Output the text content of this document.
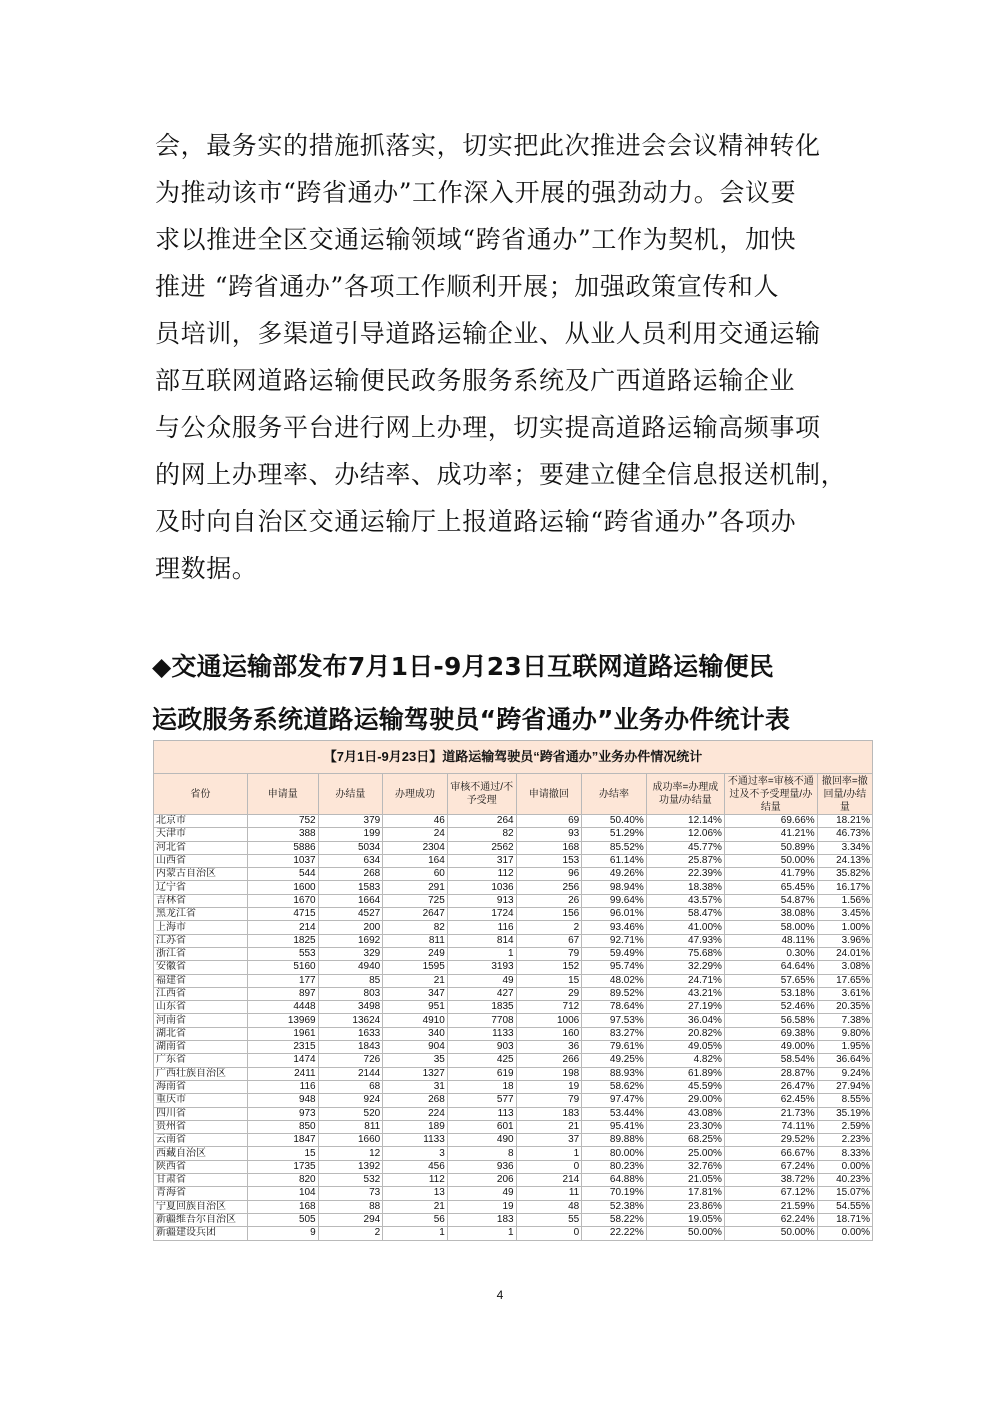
会，最务实的措施抓落实，切实把此次推进会会议精神转化
为推动该市“跨省通办”工作深入开展的强劲动力。会议要
求以推进全区交通运输领域“跨省通办”工作为契机，加快
推进 “跨省通办”各项工作顺利开展；加强政策宣传和人
员培训，多渠道引导道路运输企业、从业人员利用交通运输
部互联网道路运输便民政务服务系统及广西道路运输企业
与公众服务平台进行网上办理，切实提高道路运输高频事项
的网上办理率、办结率、成功率；要建立健全信息报送机制，
及时向自治区交通运输厅上报道路运输“跨省通办”各项办
理数据。
◆交通运输部发布7月1日-9月23日互联网道路运输便民
运政服务系统道路运输驾驶员“跨省通办”业务办件统计表
【7月1日-9月23日】道路运输驾驶员“跨省通办”业务办件情况统计
省份	申请量	办结量	办理成功	审核不通过/不予受理	申请撤回	办结率	成功率=办理成功量/办结量	不通过率=审核不通过及不予受理量/办结量	撤回率=撤回量/办结量
北京市	752	379	46	264	69	50.40%	12.14%	69.66%	18.21%
天津市	388	199	24	82	93	51.29%	12.06%	41.21%	46.73%
河北省	5886	5034	2304	2562	168	85.52%	45.77%	50.89%	3.34%
山西省	1037	634	164	317	153	61.14%	25.87%	50.00%	24.13%
内蒙古自治区	544	268	60	112	96	49.26%	22.39%	41.79%	35.82%
辽宁省	1600	1583	291	1036	256	98.94%	18.38%	65.45%	16.17%
吉林省	1670	1664	725	913	26	99.64%	43.57%	54.87%	1.56%
黑龙江省	4715	4527	2647	1724	156	96.01%	58.47%	38.08%	3.45%
上海市	214	200	82	116	2	93.46%	41.00%	58.00%	1.00%
江苏省	1825	1692	811	814	67	92.71%	47.93%	48.11%	3.96%
浙江省	553	329	249	1	79	59.49%	75.68%	0.30%	24.01%
安徽省	5160	4940	1595	3193	152	95.74%	32.29%	64.64%	3.08%
福建省	177	85	21	49	15	48.02%	24.71%	57.65%	17.65%
江西省	897	803	347	427	29	89.52%	43.21%	53.18%	3.61%
山东省	4448	3498	951	1835	712	78.64%	27.19%	52.46%	20.35%
河南省	13969	13624	4910	7708	1006	97.53%	36.04%	56.58%	7.38%
湖北省	1961	1633	340	1133	160	83.27%	20.82%	69.38%	9.80%
湖南省	2315	1843	904	903	36	79.61%	49.05%	49.00%	1.95%
广东省	1474	726	35	425	266	49.25%	4.82%	58.54%	36.64%
广西壮族自治区	2411	2144	1327	619	198	88.93%	61.89%	28.87%	9.24%
海南省	116	68	31	18	19	58.62%	45.59%	26.47%	27.94%
重庆市	948	924	268	577	79	97.47%	29.00%	62.45%	8.55%
四川省	973	520	224	113	183	53.44%	43.08%	21.73%	35.19%
贵州省	850	811	189	601	21	95.41%	23.30%	74.11%	2.59%
云南省	1847	1660	1133	490	37	89.88%	68.25%	29.52%	2.23%
西藏自治区	15	12	3	8	1	80.00%	25.00%	66.67%	8.33%
陕西省	1735	1392	456	936	0	80.23%	32.76%	67.24%	0.00%
甘肃省	820	532	112	206	214	64.88%	21.05%	38.72%	40.23%
青海省	104	73	13	49	11	70.19%	17.81%	67.12%	15.07%
宁夏回族自治区	168	88	21	19	48	52.38%	23.86%	21.59%	54.55%
新疆维吾尔自治区	505	294	56	183	55	58.22%	19.05%	62.24%	18.71%
新疆建设兵团	9	2	1	1	0	22.22%	50.00%	50.00%	0.00%
4
